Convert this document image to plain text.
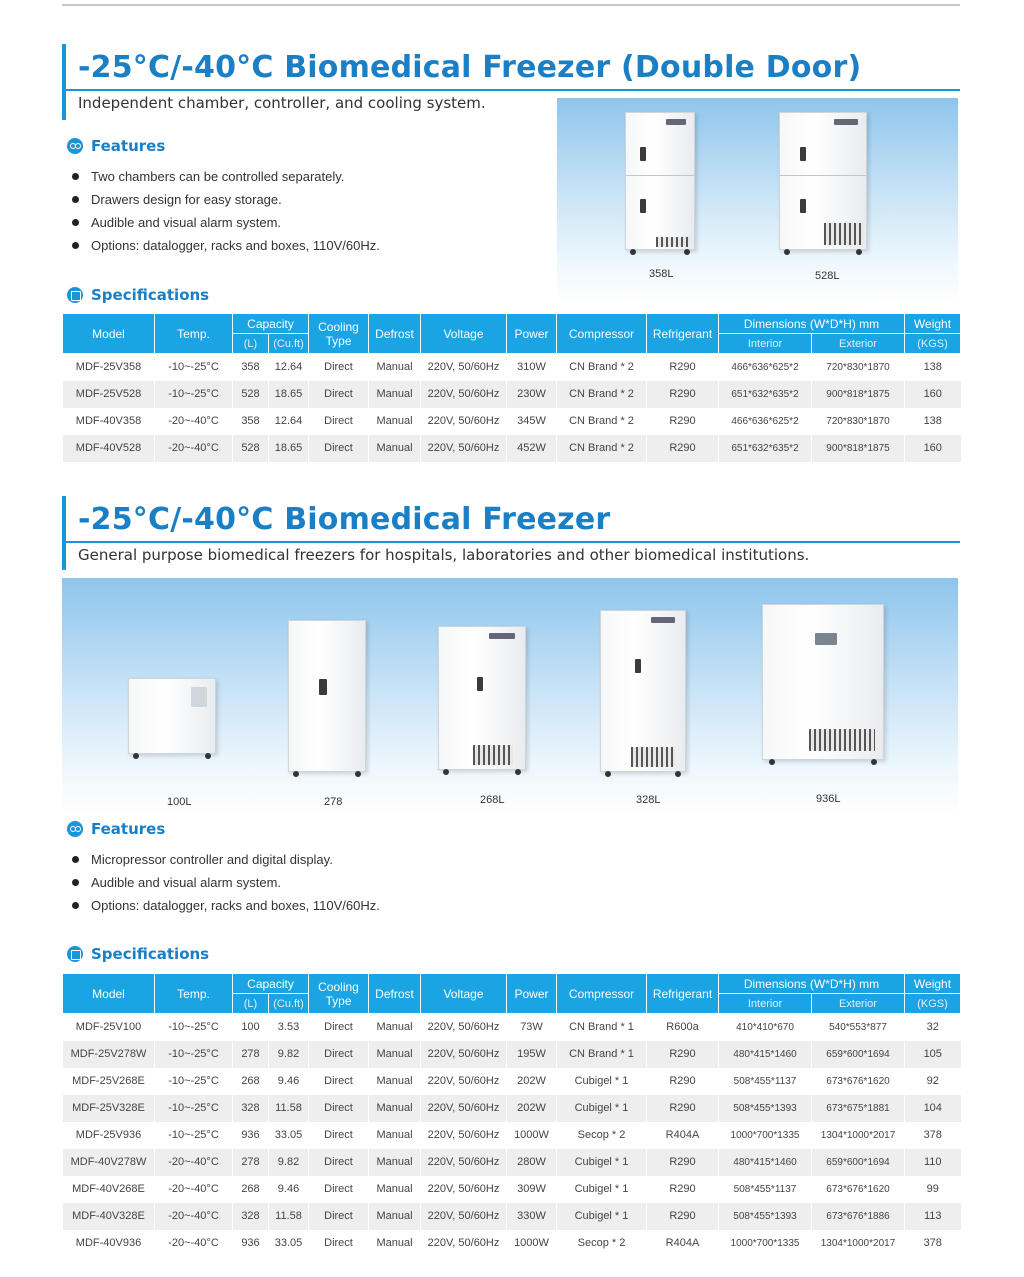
-25°C/-40°C Biomedical Freezer (Double Door)
Independent chamber, controller, and cooling system.
Features
Two chambers can be controlled separately.
Drawers design for easy storage.
Audible and visual alarm system.
Options: datalogger, racks and boxes, 110V/60Hz.
358L	528L
Specifications
Model	Temp.	Capacity		Cooling Type	Defrost	Voltage	Power	Compressor	Refrigerant	Dimensions (W*D*H) mm		Weight
		(L)	(Cu.ft)							Interior	Exterior	(KGS)
MDF-25V358	-10~-25°C	358	12.64	Direct	Manual	220V, 50/60Hz	310W	CN Brand * 2	R290	466*636*625*2	720*830*1870	138
MDF-25V528	-10~-25°C	528	18.65	Direct	Manual	220V, 50/60Hz	230W	CN Brand * 2	R290	651*632*635*2	900*818*1875	160
MDF-40V358	-20~-40°C	358	12.64	Direct	Manual	220V, 50/60Hz	345W	CN Brand * 2	R290	466*636*625*2	720*830*1870	138
MDF-40V528	-20~-40°C	528	18.65	Direct	Manual	220V, 50/60Hz	452W	CN Brand * 2	R290	651*632*635*2	900*818*1875	160
-25°C/-40°C Biomedical Freezer
General purpose biomedical freezers for hospitals, laboratories and other biomedical institutions.
100L	278	268L	328L	936L
Features
Micropressor controller and digital display.
Audible and visual alarm system.
Options: datalogger, racks and boxes, 110V/60Hz.
Specifications
Model	Temp.	Capacity		Cooling Type	Defrost	Voltage	Power	Compressor	Refrigerant	Dimensions (W*D*H) mm		Weight
		(L)	(Cu.ft)							Interior	Exterior	(KGS)
MDF-25V100	-10~-25°C	100	3.53	Direct	Manual	220V, 50/60Hz	73W	CN Brand * 1	R600a	410*410*670	540*553*877	32
MDF-25V278W	-10~-25°C	278	9.82	Direct	Manual	220V, 50/60Hz	195W	CN Brand * 1	R290	480*415*1460	659*600*1694	105
MDF-25V268E	-10~-25°C	268	9.46	Direct	Manual	220V, 50/60Hz	202W	Cubigel * 1	R290	508*455*1137	673*676*1620	92
MDF-25V328E	-10~-25°C	328	11.58	Direct	Manual	220V, 50/60Hz	202W	Cubigel * 1	R290	508*455*1393	673*675*1881	104
MDF-25V936	-10~-25°C	936	33.05	Direct	Manual	220V, 50/60Hz	1000W	Secop * 2	R404A	1000*700*1335	1304*1000*2017	378
MDF-40V278W	-20~-40°C	278	9.82	Direct	Manual	220V, 50/60Hz	280W	Cubigel * 1	R290	480*415*1460	659*600*1694	110
MDF-40V268E	-20~-40°C	268	9.46	Direct	Manual	220V, 50/60Hz	309W	Cubigel * 1	R290	508*455*1137	673*676*1620	99
MDF-40V328E	-20~-40°C	328	11.58	Direct	Manual	220V, 50/60Hz	330W	Cubigel * 1	R290	508*455*1393	673*676*1886	113
MDF-40V936	-20~-40°C	936	33.05	Direct	Manual	220V, 50/60Hz	1000W	Secop * 2	R404A	1000*700*1335	1304*1000*2017	378
